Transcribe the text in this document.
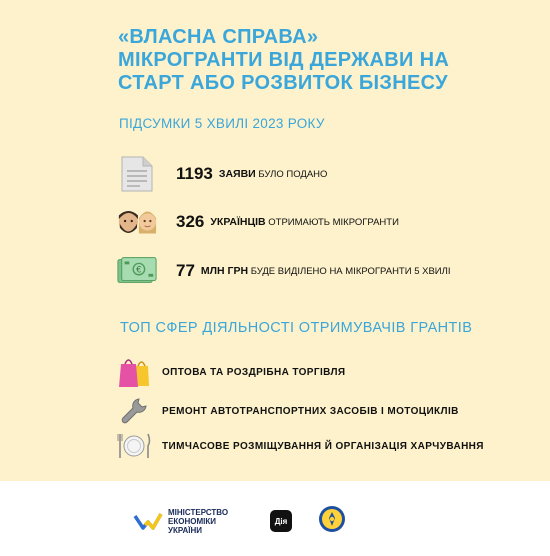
«ВЛАСНА СПРАВА»
МІКРОГРАНТИ ВІД ДЕРЖАВИ НА
СТАРТ АБО РОЗВИТОК БІЗНЕСУ

ПІДСУМКИ 5 ХВИЛІ 2023 РОКУ

1193 ЗАЯВИ БУЛО ПОДАНО
326 УКРАЇНЦІВ ОТРИМАЮТЬ МІКРОГРАНТИ
€ 77 МЛН ГРН БУДЕ ВИДІЛЕНО НА МІКРОГРАНТИ 5 ХВИЛІ

ТОП СФЕР ДІЯЛЬНОСТІ ОТРИМУВАЧІВ ГРАНТІВ

ОПТОВА ТА РОЗДРІБНА ТОРГІВЛЯ
РЕМОНТ АВТОТРАНСПОРТНИХ ЗАСОБІВ І МОТОЦИКЛІВ
ТИМЧАСОВЕ РОЗМІЩУВАННЯ Й ОРГАНІЗАЦІЯ ХАРЧУВАННЯ
МІНІСТЕРСТВО
ЕКОНОМІКИ
УКРАЇНИ
Дія
